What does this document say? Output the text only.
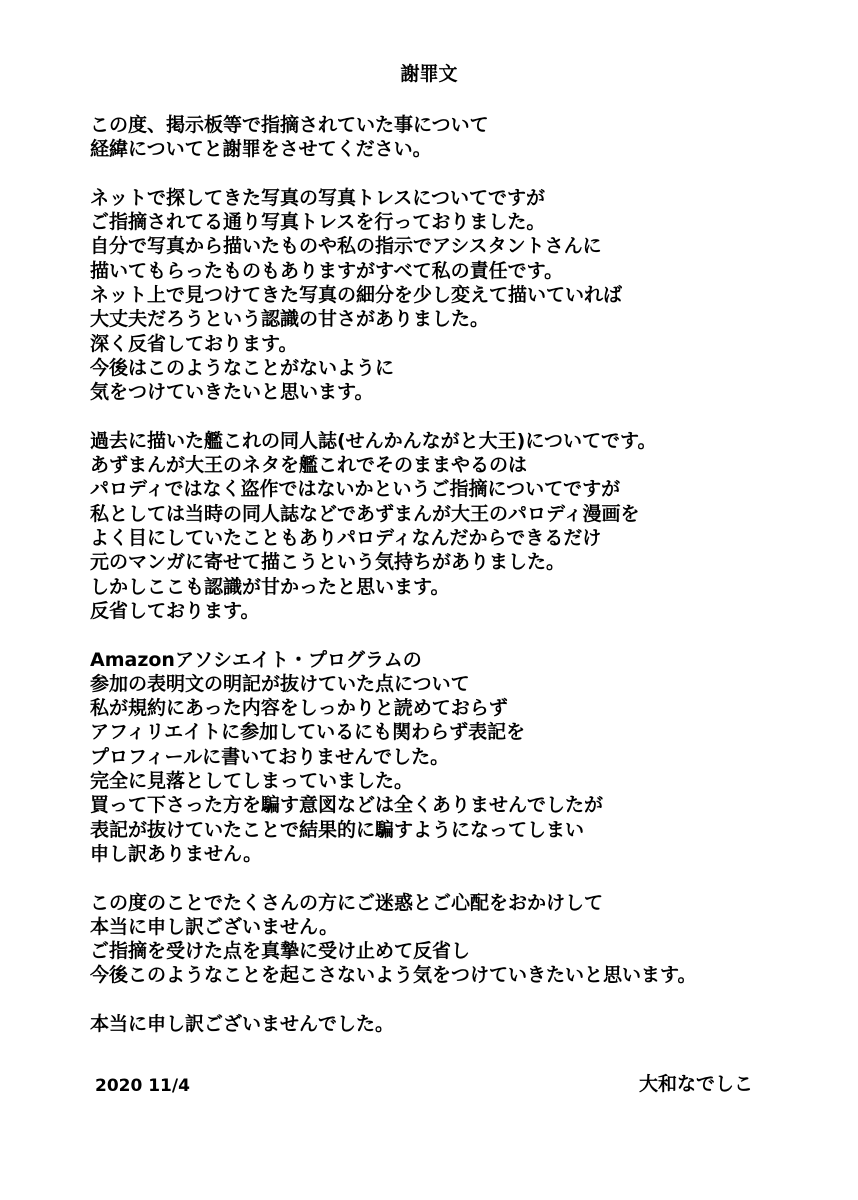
謝罪文
この度、掲示板等で指摘されていた事について
経緯についてと謝罪をさせてください。
ネットで探してきた写真の写真トレスについてですが
ご指摘されてる通り写真トレスを行っておりました。
自分で写真から描いたものや私の指示でアシスタントさんに
描いてもらったものもありますがすべて私の責任です。
ネット上で見つけてきた写真の細分を少し変えて描いていれば
大丈夫だろうという認識の甘さがありました。
深く反省しております。
今後はこのようなことがないように
気をつけていきたいと思います。
過去に描いた艦これの同人誌(せんかんながと大王)についてです。
あずまんが大王のネタを艦これでそのままやるのは
パロディではなく盗作ではないかというご指摘についてですが
私としては当時の同人誌などであずまんが大王のパロディ漫画を
よく目にしていたこともありパロディなんだからできるだけ
元のマンガに寄せて描こうという気持ちがありました。
しかしここも認識が甘かったと思います。
反省しております。
Amazonアソシエイト・プログラムの
参加の表明文の明記が抜けていた点について
私が規約にあった内容をしっかりと読めておらず
アフィリエイトに参加しているにも関わらず表記を
プロフィールに書いておりませんでした。
完全に見落としてしまっていました。
買って下さった方を騙す意図などは全くありませんでしたが
表記が抜けていたことで結果的に騙すようになってしまい
申し訳ありません。
この度のことでたくさんの方にご迷惑とご心配をおかけして
本当に申し訳ございません。
ご指摘を受けた点を真摯に受け止めて反省し
今後このようなことを起こさないよう気をつけていきたいと思います。
本当に申し訳ございませんでした。
2020 11/4	大和なでしこ
